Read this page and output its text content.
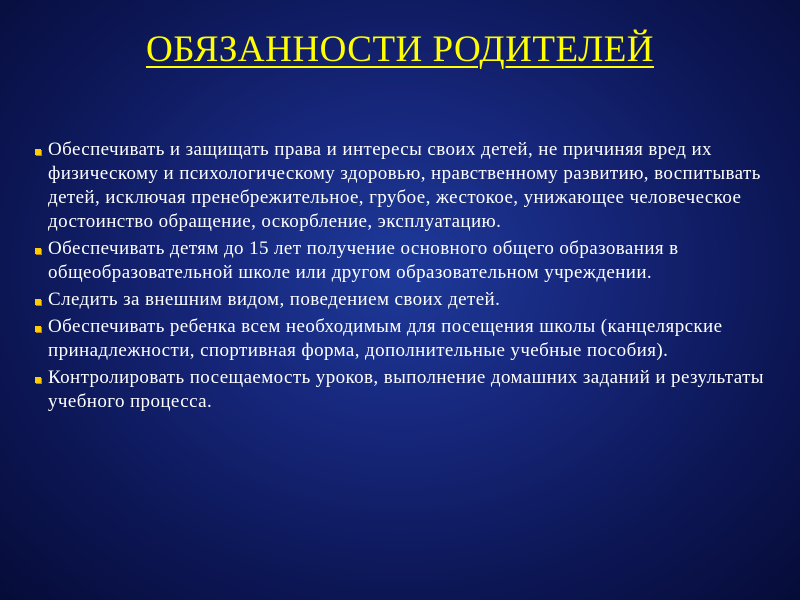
ОБЯЗАННОСТИ РОДИТЕЛЕЙ
Обеспечивать и защищать права и интересы своих детей, не причиняя вред их физическому и психологическому здоровью, нравственному развитию, воспитывать детей, исключая пренебрежительное, грубое, жестокое, унижающее человеческое достоинство обращение, оскорбление, эксплуатацию.
Обеспечивать детям до 15 лет получение основного общего образования в общеобразовательной школе или другом образовательном учреждении.
Следить за внешним видом, поведением своих детей.
Обеспечивать ребенка всем необходимым для посещения школы (канцелярские принадлежности, спортивная форма, дополнительные учебные пособия).
Контролировать посещаемость уроков, выполнение домашних заданий и результаты учебного процесса.
